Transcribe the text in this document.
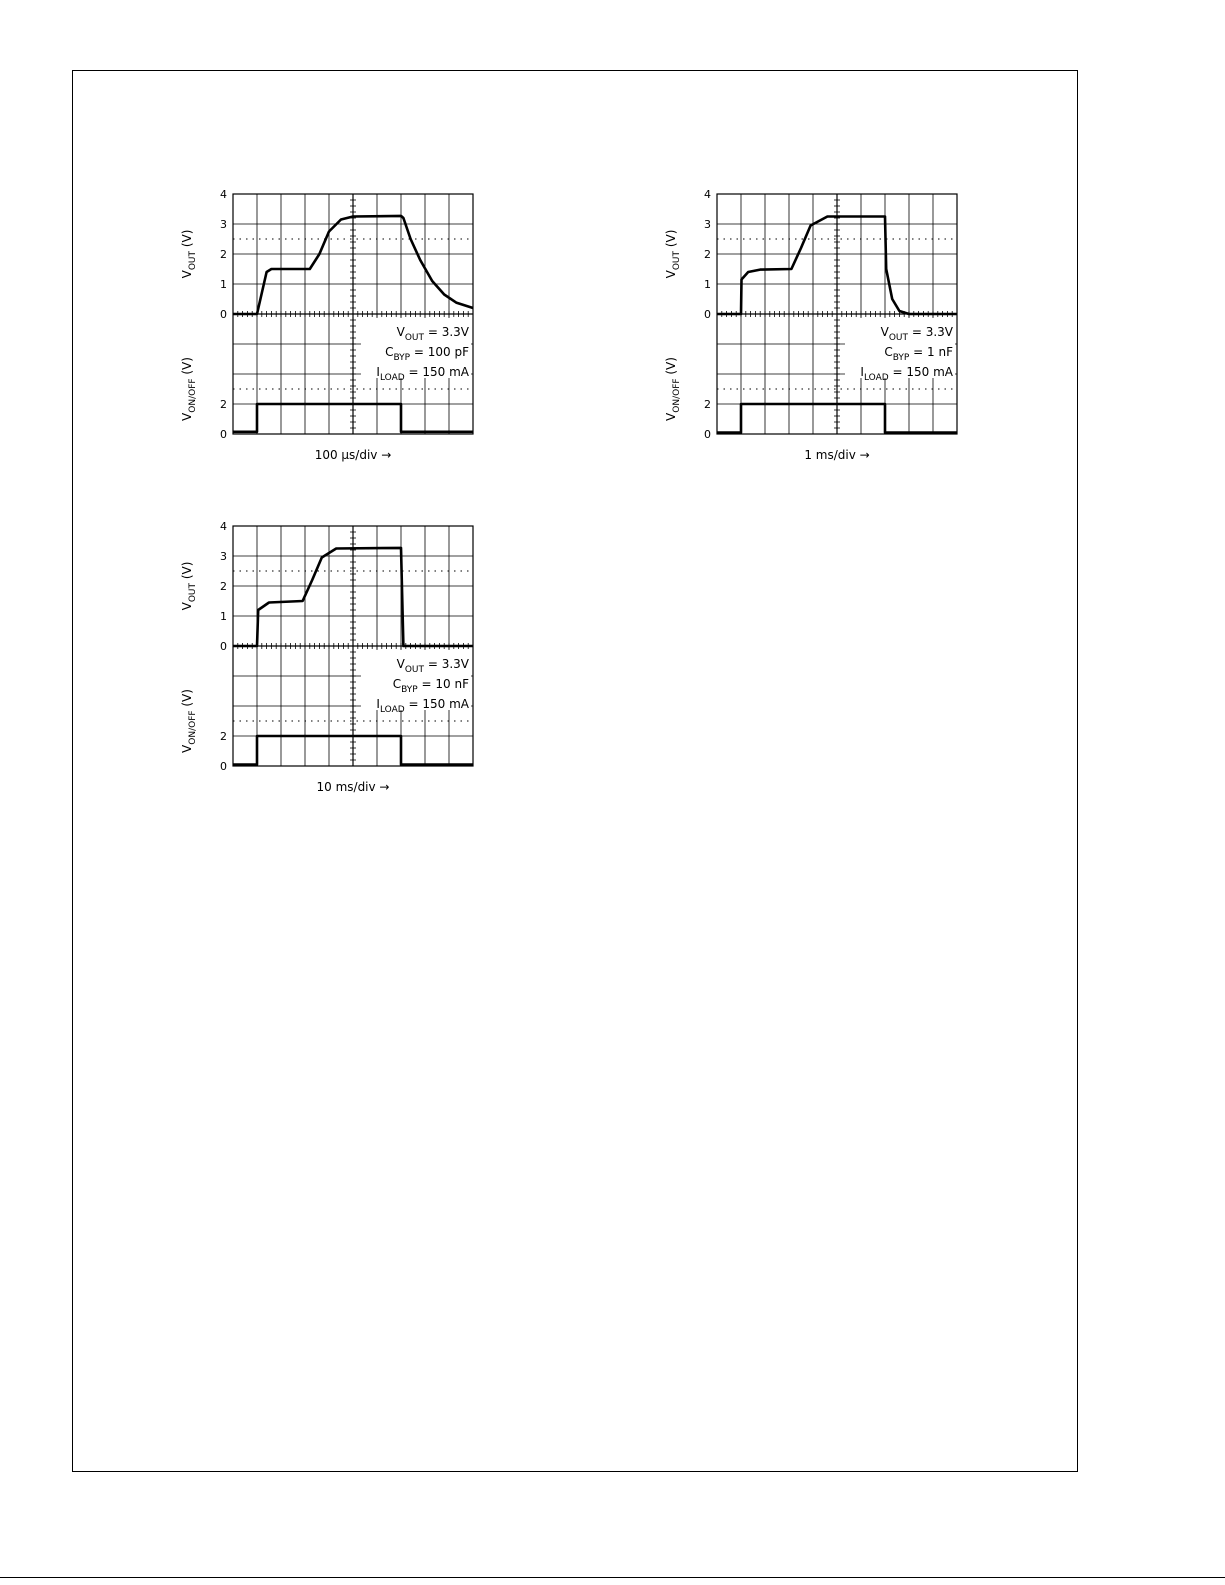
4
3
2
1
0
2
0
$V_{OUT}$ (V)
$V_{ON/OFF}$ (V)
$V_{OUT} = 3.3V$
$C_{BYP} = 100$ pF
$I_{LOAD} = 150$ mA
100 μs/div →
4
3
2
1
0
2
0
$V_{OUT}$ (V)
$V_{ON/OFF}$ (V)
$V_{OUT} = 3.3V$
$C_{BYP} = 1$ nF
$I_{LOAD} = 150$ mA
1 ms/div →
4
3
2
1
0
2
0
$V_{OUT}$ (V)
$V_{ON/OFF}$ (V)
$V_{OUT} = 3.3V$
$C_{BYP} = 10$ nF
$I_{LOAD} = 150$ mA
10 ms/div →
